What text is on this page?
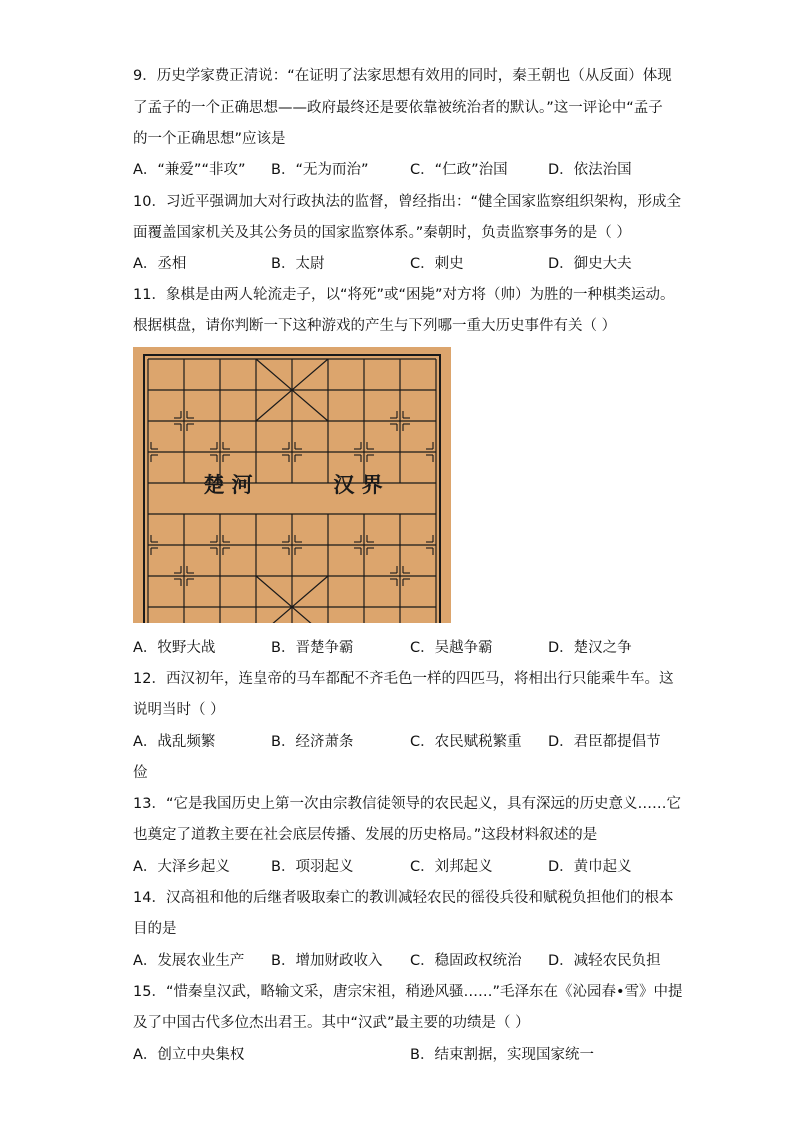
9．历史学家费正清说：“在证明了法家思想有效用的同时，秦王朝也（从反面）体现
了孟子的一个正确思想——政府最终还是要依靠被统治者的默认。”这一评论中“孟子
的一个正确思想”应该是
A．“兼爱”“非攻” B．“无为而治”	C．“仁政”治国	D．依法治国
10．习近平强调加大对行政执法的监督，曾经指出：“健全国家监察组织架构，形成全
面覆盖国家机关及其公务员的国家监察体系。”秦朝时，负责监察事务的是（ ）
A．丞相	B．太尉	C．刺史	D．御史大夫
11．象棋是由两人轮流走子，以“将死”或“困毙”对方将（帅）为胜的一种棋类运动。
根据棋盘，请你判断一下这种游戏的产生与下列哪一重大历史事件有关（ ）
楚 河	汉 界
A．牧野大战	B．晋楚争霸	C．吴越争霸	D．楚汉之争
12．西汉初年，连皇帝的马车都配不齐毛色一样的四匹马，将相出行只能乘牛车。这
说明当时（ ）
A．战乱频繁	B．经济萧条	C．农民赋税繁重 D．君臣都提倡节
俭
13．“它是我国历史上第一次由宗教信徒领导的农民起义，具有深远的历史意义……它
也奠定了道教主要在社会底层传播、发展的历史格局。”这段材料叙述的是
A．大泽乡起义	B．项羽起义	C．刘邦起义	D．黄巾起义
14．汉高祖和他的后继者吸取秦亡的教训减轻农民的徭役兵役和赋税负担他们的根本
目的是
A．发展农业生产 B．增加财政收入 C．稳固政权统治 D．减轻农民负担
15．“惜秦皇汉武，略输文采，唐宗宋祖，稍逊风骚……”毛泽东在《沁园春•雪》中提
及了中国古代多位杰出君王。其中“汉武”最主要的功绩是（ ）
A．创立中央集权	B．结束割据，实现国家统一
